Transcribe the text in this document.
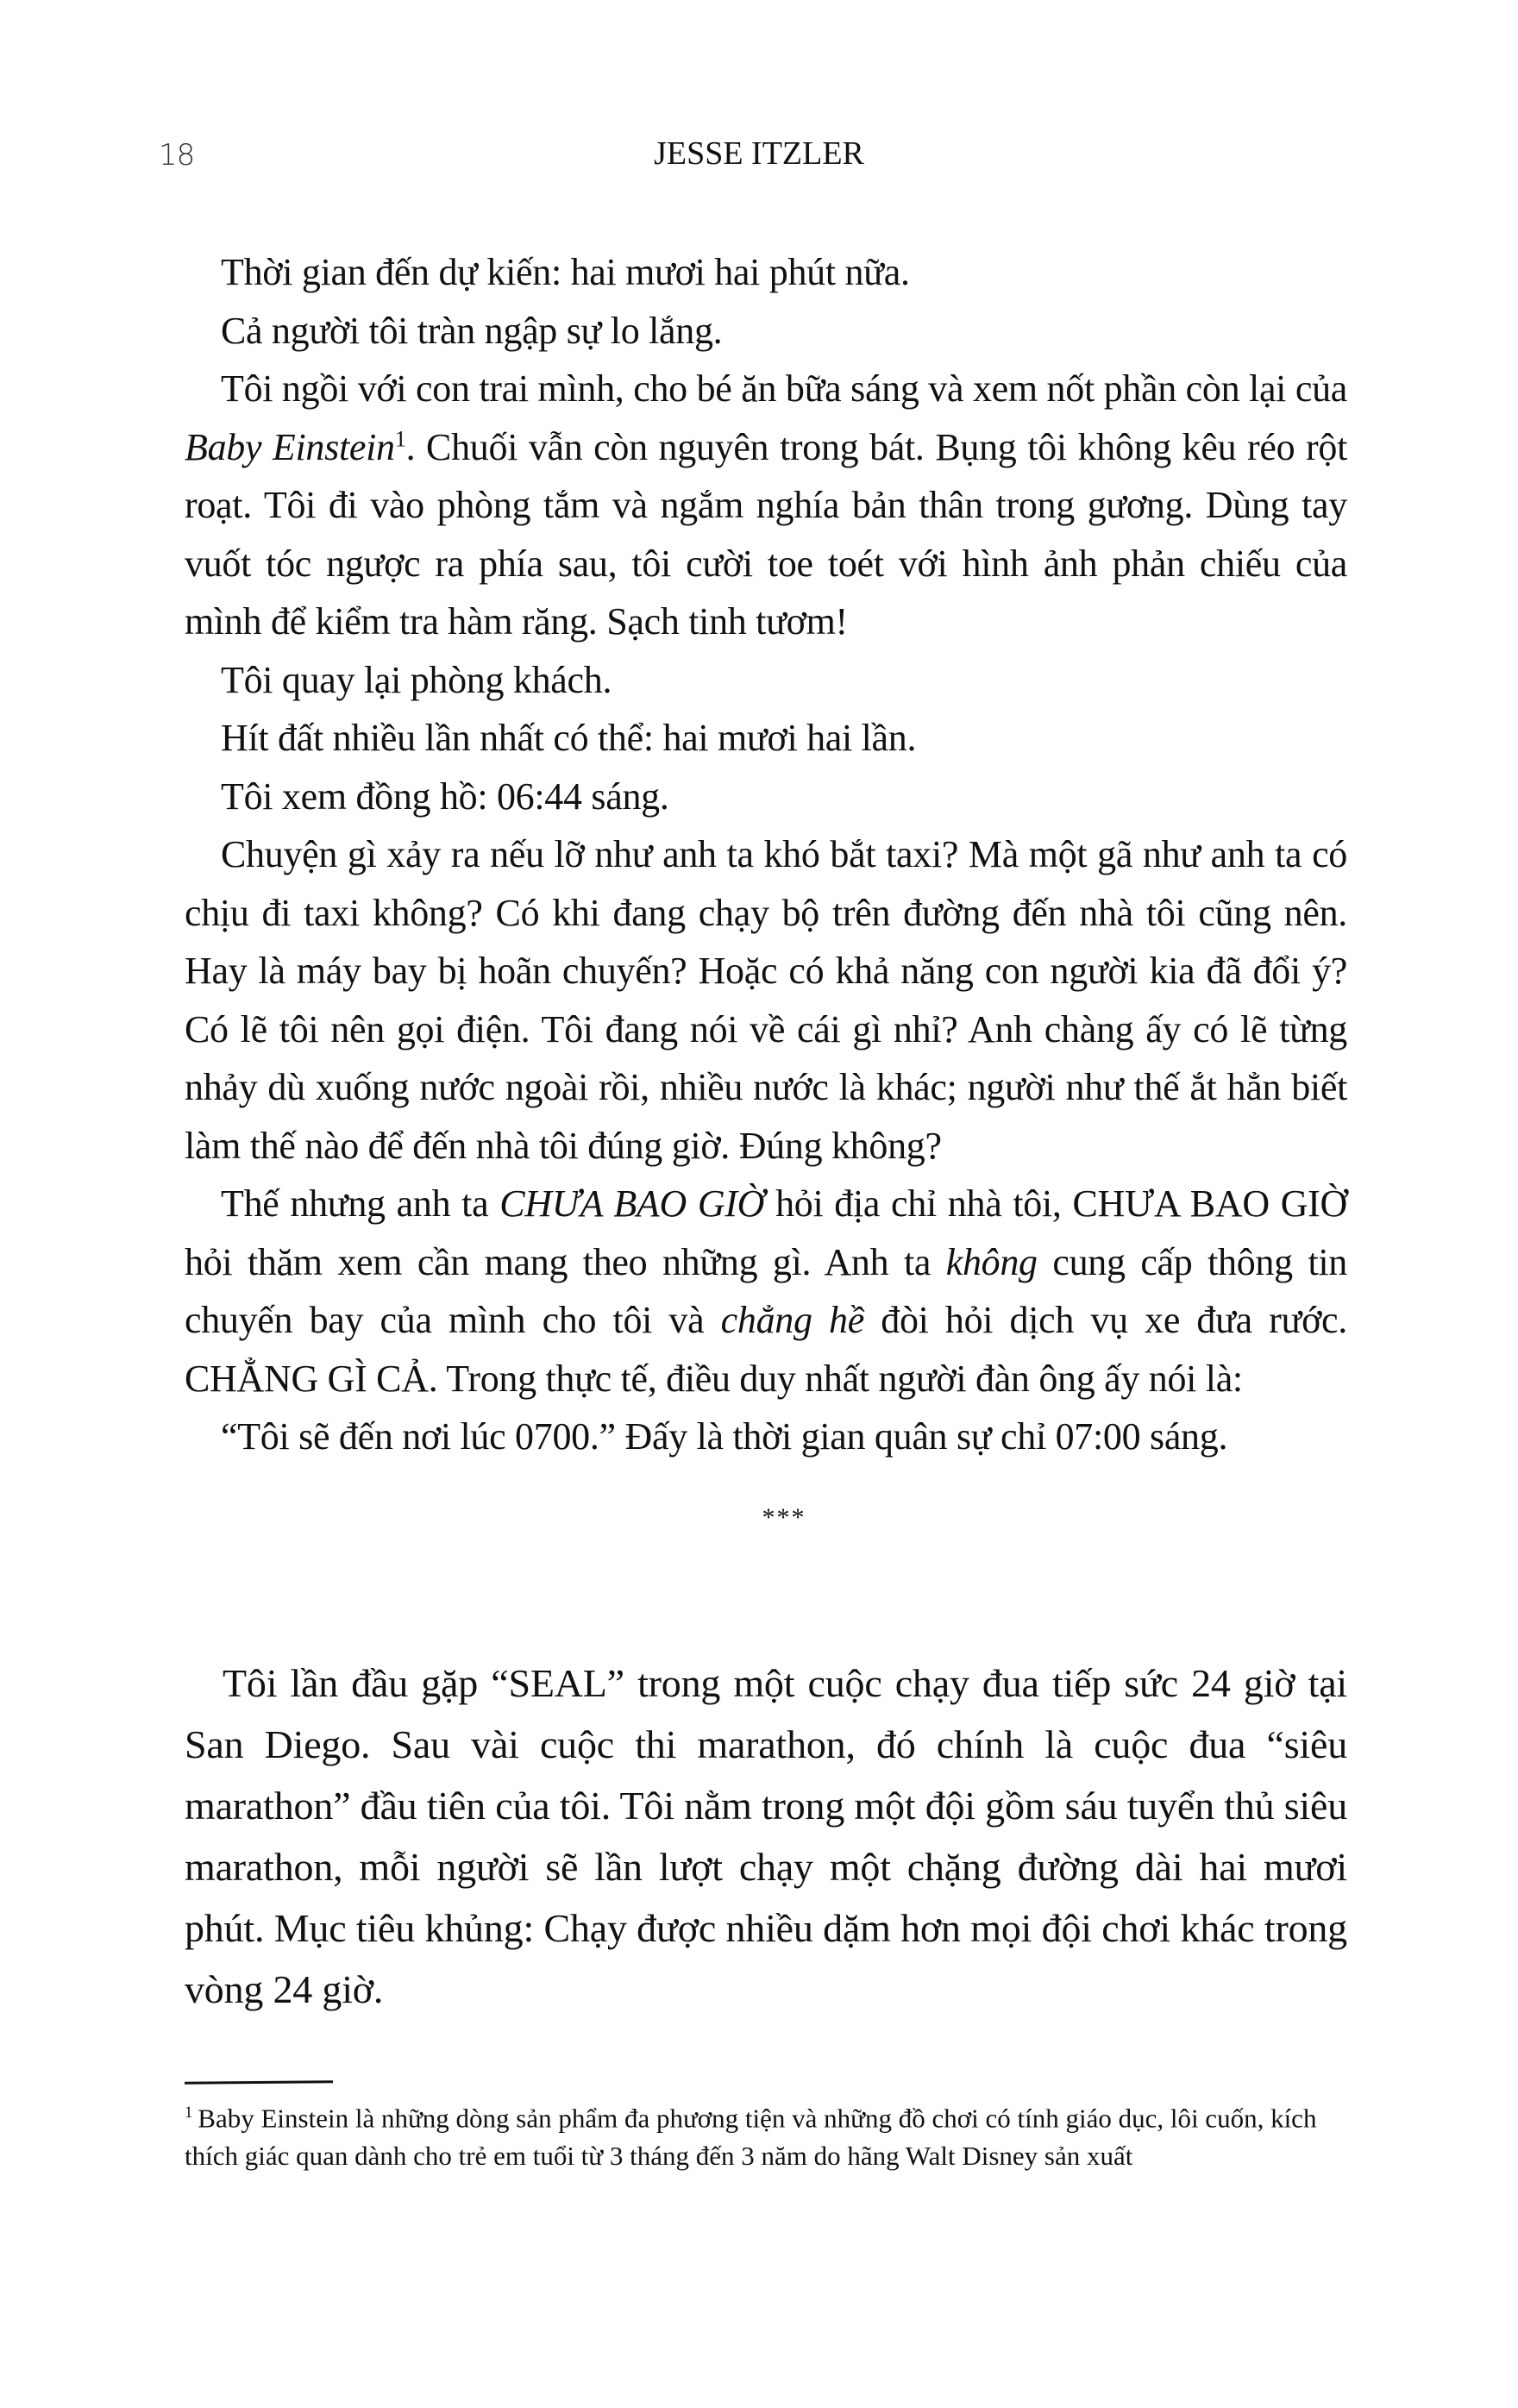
18	JESSE ITZLER

Thời gian đến dự kiến: hai mươi hai phút nữa.

Cả người tôi tràn ngập sự lo lắng.

Tôi ngồi với con trai mình, cho bé ăn bữa sáng và xem nốt phần còn lại của Baby Einstein$^1$. Chuối vẫn còn nguyên trong bát. Bụng tôi không kêu réo rột roạt. Tôi đi vào phòng tắm và ngắm nghía bản thân trong gương. Dùng tay vuốt tóc ngược ra phía sau, tôi cười toe toét với hình ảnh phản chiếu của mình để kiểm tra hàm răng. Sạch tinh tươm!

Tôi quay lại phòng khách.

Hít đất nhiều lần nhất có thể: hai mươi hai lần.

Tôi xem đồng hồ: 06:44 sáng.

Chuyện gì xảy ra nếu lỡ như anh ta khó bắt taxi? Mà một gã như anh ta có chịu đi taxi không? Có khi đang chạy bộ trên đường đến nhà tôi cũng nên. Hay là máy bay bị hoãn chuyến? Hoặc có khả năng con người kia đã đổi ý? Có lẽ tôi nên gọi điện. Tôi đang nói về cái gì nhỉ? Anh chàng ấy có lẽ từng nhảy dù xuống nước ngoài rồi, nhiều nước là khác; người như thế ắt hẳn biết làm thế nào để đến nhà tôi đúng giờ. Đúng không?

Thế nhưng anh ta CHƯA BAO GIỜ hỏi địa chỉ nhà tôi, CHƯA BAO GIỜ hỏi thăm xem cần mang theo những gì. Anh ta không cung cấp thông tin chuyến bay của mình cho tôi và chẳng hề đòi hỏi dịch vụ xe đưa rước. CHẲNG GÌ CẢ. Trong thực tế, điều duy nhất người đàn ông ấy nói là:

“Tôi sẽ đến nơi lúc 0700.” Đấy là thời gian quân sự chỉ 07:00 sáng.

***

Tôi lần đầu gặp “SEAL” trong một cuộc chạy đua tiếp sức 24 giờ tại San Diego. Sau vài cuộc thi marathon, đó chính là cuộc đua “siêu marathon” đầu tiên của tôi. Tôi nằm trong một đội gồm sáu tuyển thủ siêu marathon, mỗi người sẽ lần lượt chạy một chặng đường dài hai mươi phút. Mục tiêu khủng: Chạy được nhiều dặm hơn mọi đội chơi khác trong vòng 24 giờ.

$^1$ Baby Einstein là những dòng sản phẩm đa phương tiện và những đồ chơi có tính giáo dục, lôi cuốn, kích thích giác quan dành cho trẻ em tuổi từ 3 tháng đến 3 năm do hãng Walt Disney sản xuất
